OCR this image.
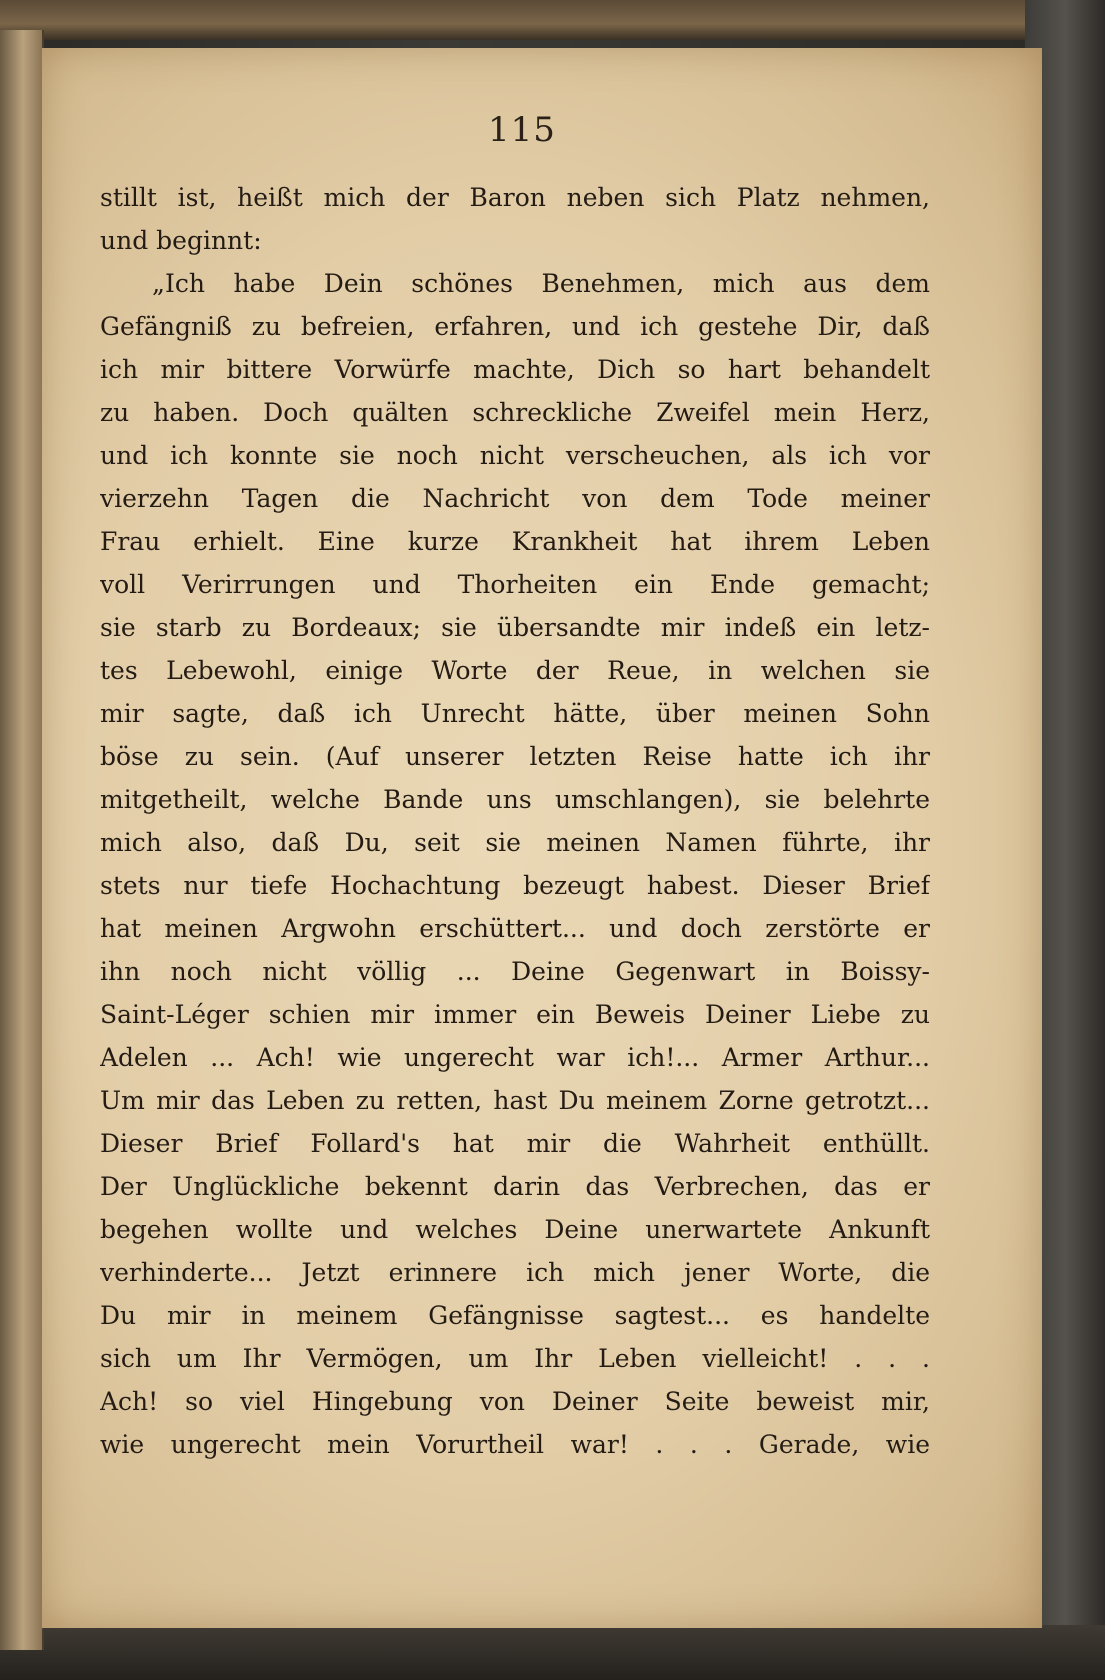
115
stillt ist, heißt mich der Baron neben sich Platz nehmen,
und beginnt:
„Ich habe Dein schönes Benehmen, mich aus dem
Gefängniß zu befreien, erfahren, und ich gestehe Dir, daß
ich mir bittere Vorwürfe machte, Dich so hart behandelt
zu haben. Doch quälten schreckliche Zweifel mein Herz,
und ich konnte sie noch nicht verscheuchen, als ich vor
vierzehn Tagen die Nachricht von dem Tode meiner
Frau erhielt. Eine kurze Krankheit hat ihrem Leben
voll Verirrungen und Thorheiten ein Ende gemacht;
sie starb zu Bordeaux; sie übersandte mir indeß ein letz-
tes Lebewohl, einige Worte der Reue, in welchen sie
mir sagte, daß ich Unrecht hätte, über meinen Sohn
böse zu sein. (Auf unserer letzten Reise hatte ich ihr
mitgetheilt, welche Bande uns umschlangen), sie belehrte
mich also, daß Du, seit sie meinen Namen führte, ihr
stets nur tiefe Hochachtung bezeugt habest. Dieser Brief
hat meinen Argwohn erschüttert... und doch zerstörte er
ihn noch nicht völlig ... Deine Gegenwart in Boissy-
Saint-Léger schien mir immer ein Beweis Deiner Liebe zu
Adelen ... Ach! wie ungerecht war ich!... Armer Arthur...
Um mir das Leben zu retten, hast Du meinem Zorne getrotzt...
Dieser Brief Follard's hat mir die Wahrheit enthüllt.
Der Unglückliche bekennt darin das Verbrechen, das er
begehen wollte und welches Deine unerwartete Ankunft
verhinderte... Jetzt erinnere ich mich jener Worte, die
Du mir in meinem Gefängnisse sagtest... es handelte
sich um Ihr Vermögen, um Ihr Leben vielleicht! . . .
Ach! so viel Hingebung von Deiner Seite beweist mir,
wie ungerecht mein Vorurtheil war! . . . Gerade, wie
